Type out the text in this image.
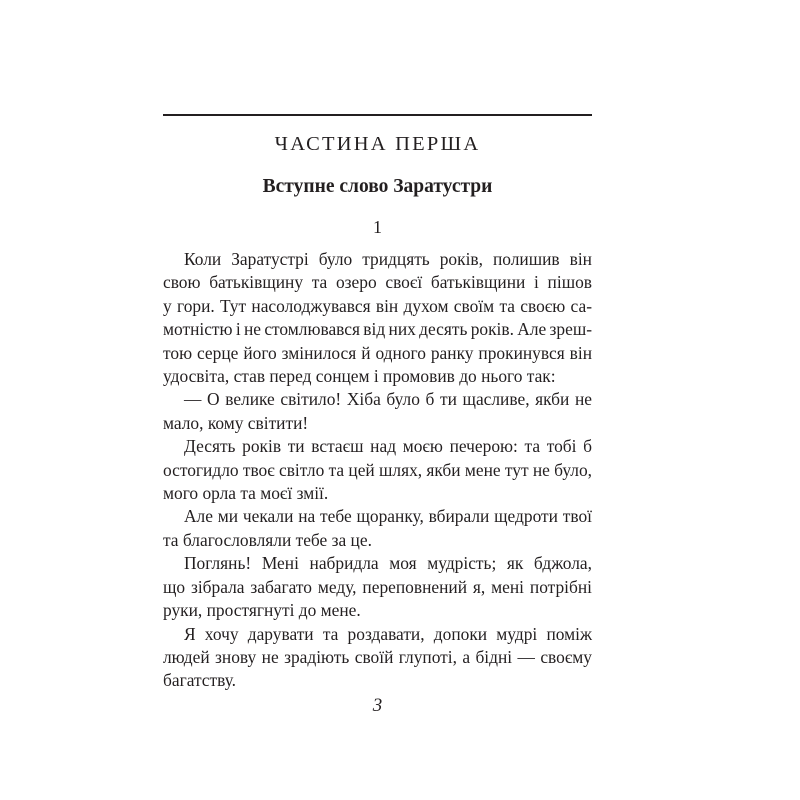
ЧАСТИНА ПЕРША
Вступне слово Заратустри
1
Коли Заратустрі було тридцять років, полишив він
свою батьківщину та озеро своєї батьківщини і пішов
у гори. Тут насолоджувався він духом своїм та своєю са-
мотністю і не стомлювався від них десять років. Але зреш-
тою серце його змінилося й одного ранку прокинувся він
удосвіта, став перед сонцем і промовив до нього так:
— О велике світило! Хіба було б ти щасливе, якби не
мало, кому світити!
Десять років ти встаєш над моєю печерою: та тобі б
остогидло твоє світло та цей шлях, якби мене тут не було,
мого орла та моєї змії.
Але ми чекали на тебе щоранку, вбирали щедроти твої
та благословляли тебе за це.
Поглянь! Мені набридла моя мудрість; як бджола,
що зібрала забагато меду, переповнений я, мені потрібні
руки, простягнуті до мене.
Я хочу дарувати та роздавати, допоки мудрі поміж
людей знову не зрадіють своїй глупоті, а бідні — своєму
багатству.
3
